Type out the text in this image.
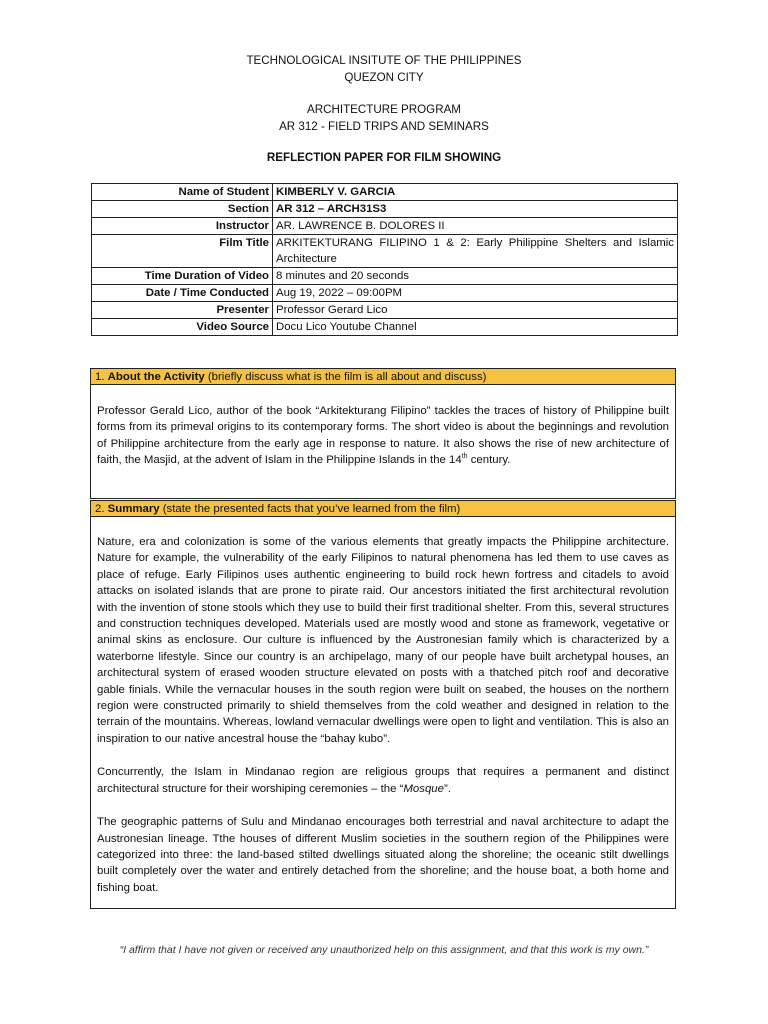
TECHNOLOGICAL INSITUTE OF THE PHILIPPINES
QUEZON CITY
ARCHITECTURE PROGRAM
AR 312 - FIELD TRIPS AND SEMINARS
REFLECTION PAPER FOR FILM SHOWING
Name of Student	KIMBERLY V. GARCIA
Section	AR 312 – ARCH31S3
Instructor	AR. LAWRENCE B. DOLORES II
Film Title	ARKITEKTURANG FILIPINO 1 & 2: Early Philippine Shelters and Islamic Architecture
Time Duration of Video	8 minutes and 20 seconds
Date / Time Conducted	Aug 19, 2022 – 09:00PM
Presenter	Professor Gerard Lico
Video Source	Docu Lico Youtube Channel
1. About the Activity (briefly discuss what is the film is all about and discuss)

Professor Gerald Lico, author of the book “Arkitekturang Filipino” tackles the traces of history of Philippine built forms from its primeval origins to its contemporary forms. The short video is about the beginnings and revolution of Philippine architecture from the early age in response to nature. It also shows the rise of new architecture of faith, the Masjid, at the advent of Islam in the Philippine Islands in the 14th century.

2. Summary (state the presented facts that you’ve learned from the film)

Nature, era and colonization is some of the various elements that greatly impacts the Philippine architecture. Nature for example, the vulnerability of the early Filipinos to natural phenomena has led them to use caves as place of refuge. Early Filipinos uses authentic engineering to build rock hewn fortress and citadels to avoid attacks on isolated islands that are prone to pirate raid. Our ancestors initiated the first architectural revolution with the invention of stone stools which they use to build their first traditional shelter. From this, several structures and construction techniques developed. Materials used are mostly wood and stone as framework, vegetative or animal skins as enclosure. Our culture is influenced by the Austronesian family which is characterized by a waterborne lifestyle. Since our country is an archipelago, many of our people have built archetypal houses, an architectural system of erased wooden structure elevated on posts with a thatched pitch roof and decorative gable finials. While the vernacular houses in the south region were built on seabed, the houses on the northern region were constructed primarily to shield themselves from the cold weather and designed in relation to the terrain of the mountains. Whereas, lowland vernacular dwellings were open to light and ventilation. This is also an inspiration to our native ancestral house the “bahay kubo”.

Concurrently, the Islam in Mindanao region are religious groups that requires a permanent and distinct architectural structure for their worshiping ceremonies – the “Mosque”.

The geographic patterns of Sulu and Mindanao encourages both terrestrial and naval architecture to adapt the Austronesian lineage. Tthe houses of different Muslim societies in the southern region of the Philippines were categorized into three: the land-based stilted dwellings situated along the shoreline; the oceanic stilt dwellings built completely over the water and entirely detached from the shoreline; and the house boat, a both home and fishing boat.

“I affirm that I have not given or received any unauthorized help on this assignment, and that this work is my own.”
